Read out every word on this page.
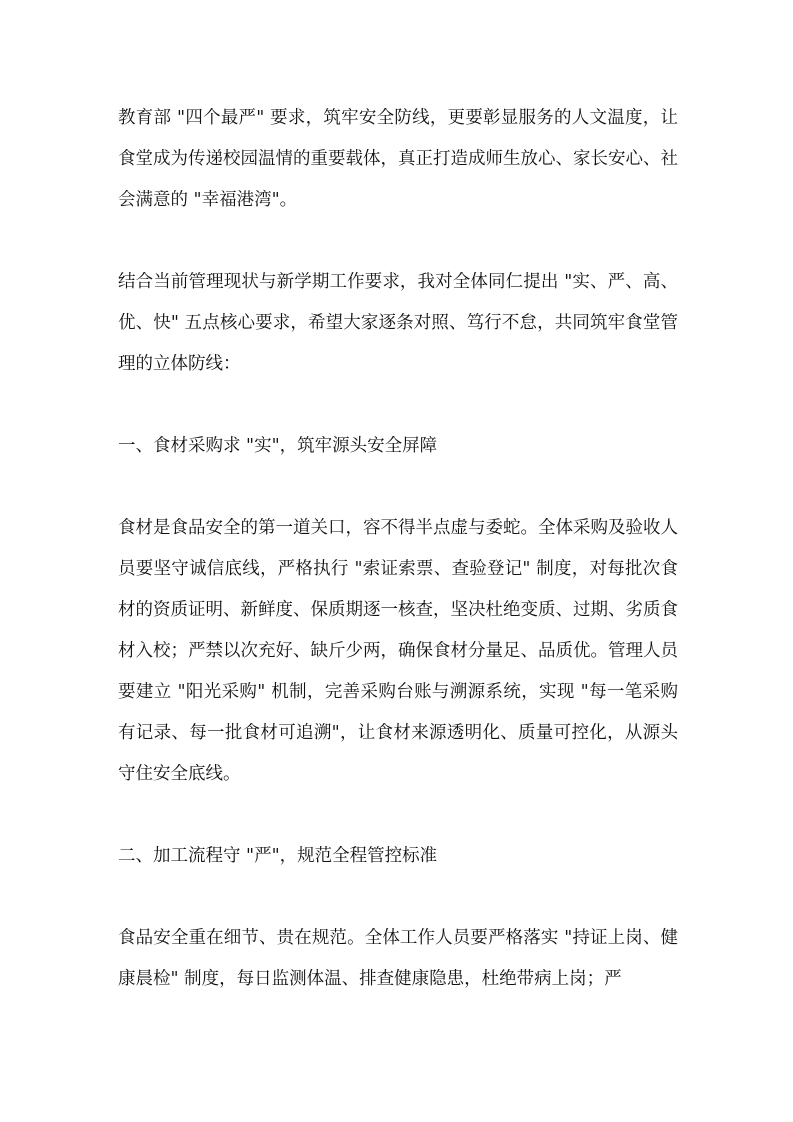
教育部 "四个最严" 要求，筑牢安全防线，更要彰显服务的人文温度，让食堂成为传递校园温情的重要载体，真正打造成师生放心、家长安心、社会满意的 "幸福港湾"。

结合当前管理现状与新学期工作要求，我对全体同仁提出 "实、严、高、优、快" 五点核心要求，希望大家逐条对照、笃行不怠，共同筑牢食堂管理的立体防线：

一、食材采购求 "实"，筑牢源头安全屏障

食材是食品安全的第一道关口，容不得半点虚与委蛇。全体采购及验收人员要坚守诚信底线，严格执行 "索证索票、查验登记" 制度，对每批次食材的资质证明、新鲜度、保质期逐一核查，坚决杜绝变质、过期、劣质食材入校；严禁以次充好、缺斤少两，确保食材分量足、品质优。管理人员要建立 "阳光采购" 机制，完善采购台账与溯源系统，实现 "每一笔采购有记录、每一批食材可追溯"，让食材来源透明化、质量可控化，从源头守住安全底线。

二、加工流程守 "严"，规范全程管控标准

食品安全重在细节、贵在规范。全体工作人员要严格落实 "持证上岗、健康晨检" 制度，每日监测体温、排查健康隐患，杜绝带病上岗；严
